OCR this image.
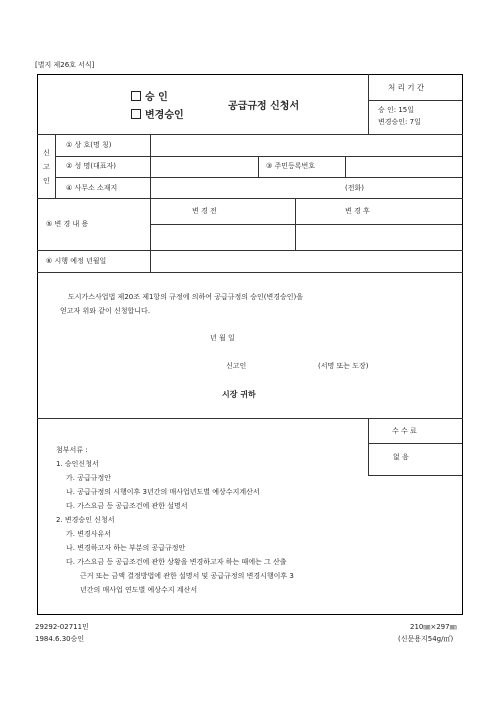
[별지 제26호 서식]
승 인
변경승인
공급규정 신청서
처 리 기 간
승 인: 15일
변경승인: 7일
신
고
인
① 상 호(명 칭)
② 성 명(대표자)	③ 주민등록번호
④ 사무소 소재지	(전화)
⑤ 변 경 내 용
변 경 전	변 경 후
⑥ 시행 예정 년월일
도시가스사업법 제20조 제1항의 규정에 의하여 공급규정의 승인(변경승인)을
얻고자 위와 같이 신청합니다.
년 월 일
신고인	(서명 또는 도장)
시장 귀하
수 수 료
없 음
첨부서류 :
1. 승인신청서
가. 공급규정안
나. 공급규정의 시행이후 3년간의 매사업년도별 예상수지계산서
다. 가스요금 등 공급조건에 관한 설명서
2. 변경승인 신청서
가. 변경사유서
나. 변경하고자 하는 부분의 공급규정안
다. 가스요금 등 공급조건에 관한 상황을 변경하고자 하는 때에는 그 산출
근거 또는 금액 결정방법에 관한 설명서 및 공급규정의 변경시행이후 3
년간의 매사업 연도별 예상수지 계산서
29292-02711민
1984.6.30승인
210㎜×297㎜
(신문용지54g/㎡)
